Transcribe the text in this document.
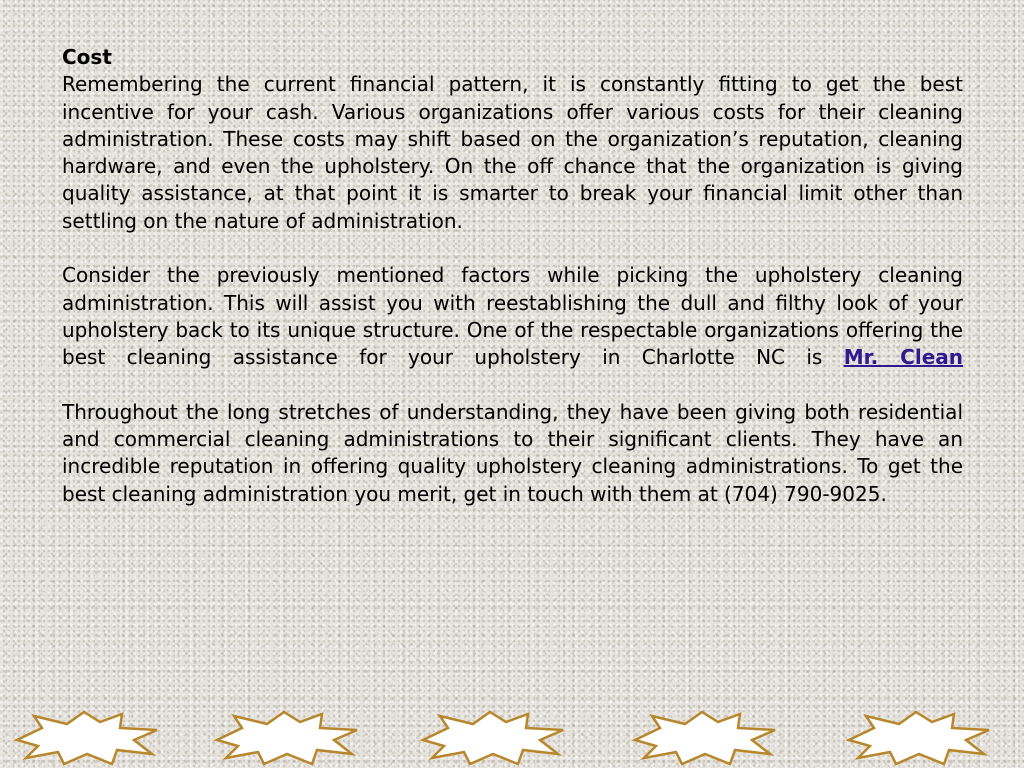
Cost

Remembering the current financial pattern, it is constantly fitting to get the best incentive for your cash. Various organizations offer various costs for their cleaning administration. These costs may shift based on the organization’s reputation, cleaning hardware, and even the upholstery. On the off chance that the organization is giving quality assistance, at that point it is smarter to break your financial limit other than settling on the nature of administration.

Consider the previously mentioned factors while picking the upholstery cleaning administration. This will assist you with reestablishing the dull and filthy look of your upholstery back to its unique structure. One of the respectable organizations offering the best cleaning assistance for your upholstery in Charlotte NC is Mr. Clean

Throughout the long stretches of understanding, they have been giving both residential and commercial cleaning administrations to their significant clients. They have an incredible reputation in offering quality upholstery cleaning administrations. To get the best cleaning administration you merit, get in touch with them at (704) 790-9025.
